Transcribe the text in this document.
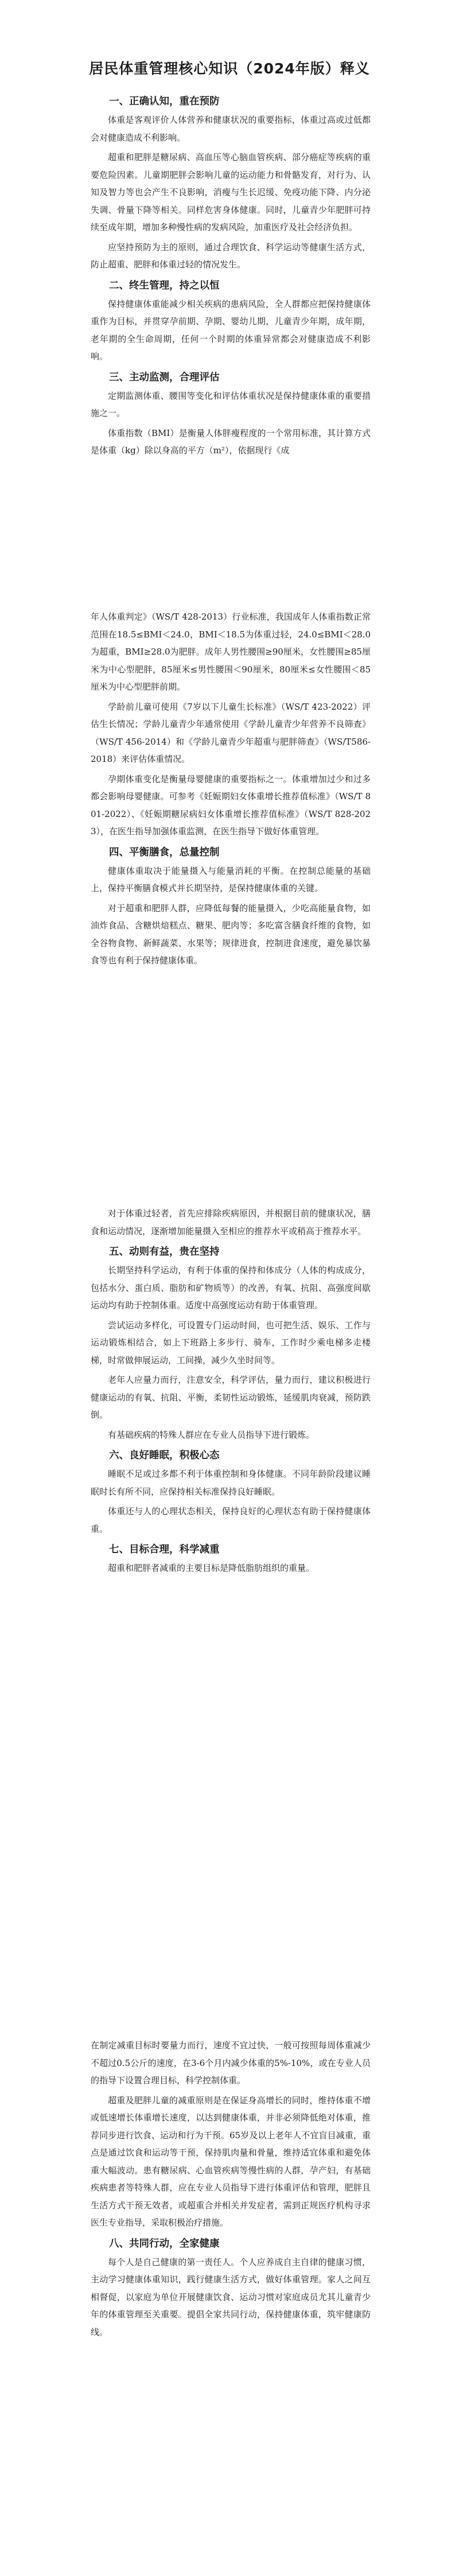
居民体重管理核心知识（2024年版）释义
一、正确认知，重在预防

体重是客观评价人体营养和健康状况的重要指标，体重过高或过低都会对健康造成不利影响。

超重和肥胖是糖尿病、高血压等心脑血管疾病、部分癌症等疾病的重要危险因素。儿童期肥胖会影响儿童的运动能力和骨骼发育，对行为、认知及智力等也会产生不良影响，消瘦与生长迟缓、免疫功能下降、内分泌失调、骨量下降等相关。同样危害身体健康。同时，儿童青少年肥胖可持续至成年期，增加多种慢性病的发病风险，加重医疗及社会经济负担。

应坚持预防为主的原则，通过合理饮食、科学运动等健康生活方式，防止超重、肥胖和体重过轻的情况发生。

二、终生管理，持之以恒

保持健康体重能减少相关疾病的患病风险，全人群都应把保持健康体重作为目标，并贯穿孕前期、孕期、婴幼儿期，儿童青少年期，成年期，老年期的全生命周期，任何一个时期的体重异常都会对健康造成不利影响。

三、主动监测，合理评估

定期监测体重、腰围等变化和评估体重状况是保持健康体重的重要措施之一。

体重指数（BMI）是衡量人体胖瘦程度的一个常用标准，其计算方式是体重（kg）除以身高的平方（m²），依据现行《成

年人体重判定》（WS/T 428-2013）行业标准，我国成年人体重指数正常范围在18.5≤BMI＜24.0，BMI＜18.5为体重过轻，24.0≤BMI＜28.0为超重，BMI≥28.0为肥胖。成年人男性腰围≥90厘米，女性腰围≥85厘米为中心型肥胖，85厘米≤男性腰围＜90厘米，80厘米≤女性腰围＜85厘米为中心型肥胖前期。

学龄前儿童可使用《7岁以下儿童生长标准》（WS/T 423-2022）评估生长情况；学龄儿童青少年通常使用《学龄儿童青少年营养不良筛查》（WS/T 456-2014）和《学龄儿童青少年超重与肥胖筛查》（WS/T586-2018）来评估体重情况。

孕期体重变化是衡量母婴健康的重要指标之一。体重增加过少和过多都会影响母婴健康。可参考《妊娠期妇女体重增长推荐值标准》（WS/T 801-2022）、《妊娠期糖尿病妇女体重增长推荐值标准》（WS/T 828-2023），在医生指导加强体重监测，在医生指导下做好体重管理。

四、平衡膳食，总量控制

健康体重取决于能量摄入与能量消耗的平衡。在控制总能量的基础上，保持平衡膳食模式并长期坚持，是保持健康体重的关键。

对于超重和肥胖人群，应降低每餐的能量摄入，少吃高能量食物，如油炸食品、含糖烘焙糕点、糖果、肥肉等；多吃富含膳食纤维的食物，如全谷物食物、新鲜蔬菜、水果等；规律进食，控制进食速度，避免暴饮暴食等也有利于保持健康体重。

对于体重过轻者，首先应排除疾病原因，并根据目前的健康状况，膳食和运动情况，逐渐增加能量摄入至相应的推荐水平或稍高于推荐水平。

五、动则有益，贵在坚持

长期坚持科学运动，有利于体重的保持和体成分（人体的构成成分，包括水分、蛋白质、脂肪和矿物质等）的改善，有氧、抗阻、高强度间歇运动均有助于控制体重。适度中高强度运动有助于体重管理。

尝试运动多样化，可设置专门运动时间，也可把生活、娱乐、工作与运动锻炼相结合，如上下班路上多步行、骑车，工作时少乘电梯多走楼梯，时常做伸展运动，工间操，减少久坐时间等。

老年人应量力而行，注意安全，科学评估，量力而行，建议积极进行健康运动的有氧、抗阻、平衡，柔韧性运动锻炼，延缓肌肉衰减，预防跌倒。

有基础疾病的特殊人群应在专业人员指导下进行锻炼。

六、良好睡眠，积极心态

睡眠不足或过多都不利于体重控制和身体健康。不同年龄阶段建议睡眠时长有所不同，应保持相关标准保持良好睡眠。

体重还与人的心理状态相关，保持良好的心理状态有助于保持健康体重。

七、目标合理，科学减重

超重和肥胖者减重的主要目标是降低脂肪组织的重量。

在制定减重目标时要量力而行，速度不宜过快，一般可按照每周体重减少不超过0.5公斤的速度，在3-6个月内减少体重的5%-10%，或在专业人员的指导下设置合理目标，科学控制体重。

超重及肥胖儿童的减重原则是在保证身高增长的同时，维持体重不增或低速增长体重增长速度，以达到健康体重，并非必须降低绝对体重，推荐同步进行饮食、运动和行为干预。65岁及以上老年人不宜盲目减重，重点是通过饮食和运动等干预，保持肌肉量和骨量，维持适宜体重和避免体重大幅波动。患有糖尿病、心血管疾病等慢性病的人群，孕产妇，有基础疾病患者等特殊人群，应在专业人员指导下进行体重评估和管理，肥胖且生活方式干预无效者，或超重合并相关并发症者，需到正规医疗机构寻求医生专业指导，采取积极治疗措施。

八、共同行动，全家健康

每个人是自己健康的第一责任人。个人应养成自主自律的健康习惯，主动学习健康体重知识，践行健康生活方式，做好体重管理。家人之间互相督促，以家庭为单位开展健康饮食、运动习惯对家庭成员尤其儿童青少年的体重管理至关重要。提倡全家共同行动，保持健康体重，筑牢健康防线。
